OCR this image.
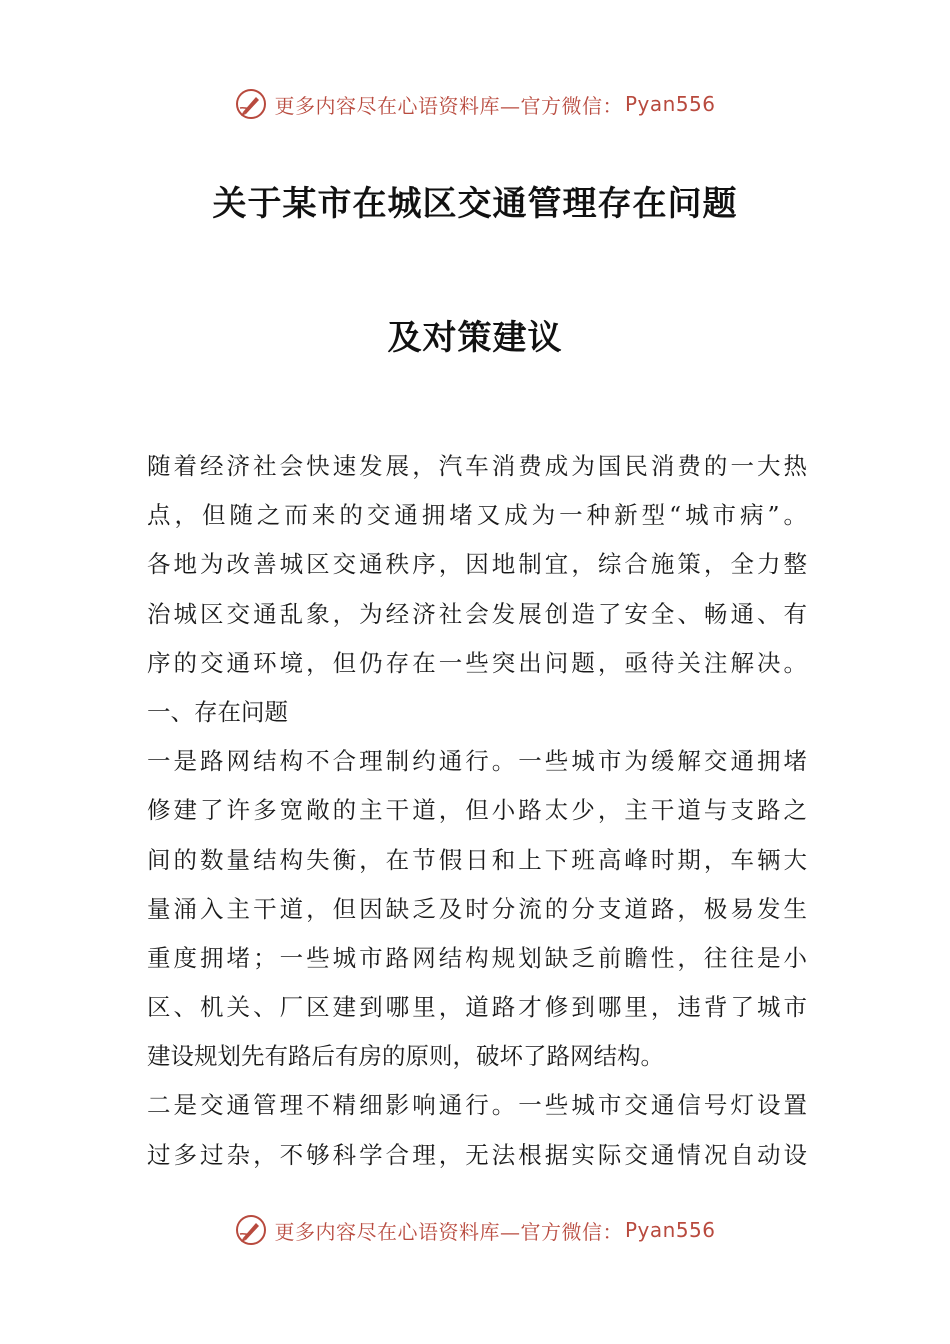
更多内容尽在心语资料库—官方微信： Pyan556
关于某市在城区交通管理存在问题
及对策建议
随着经济社会快速发展，汽车消费成为国民消费的一大热
点，但随之而来的交通拥堵又成为一种新型“城市病”。
各地为改善城区交通秩序，因地制宜，综合施策，全力整
治城区交通乱象，为经济社会发展创造了安全、畅通、有
序的交通环境，但仍存在一些突出问题，亟待关注解决。
一、存在问题
一是路网结构不合理制约通行。一些城市为缓解交通拥堵
修建了许多宽敞的主干道，但小路太少，主干道与支路之
间的数量结构失衡，在节假日和上下班高峰时期，车辆大
量涌入主干道，但因缺乏及时分流的分支道路，极易发生
重度拥堵；一些城市路网结构规划缺乏前瞻性，往往是小
区、机关、厂区建到哪里，道路才修到哪里，违背了城市
建设规划先有路后有房的原则，破坏了路网结构。
二是交通管理不精细影响通行。一些城市交通信号灯设置
过多过杂，不够科学合理，无法根据实际交通情况自动设
更多内容尽在心语资料库—官方微信： Pyan556
